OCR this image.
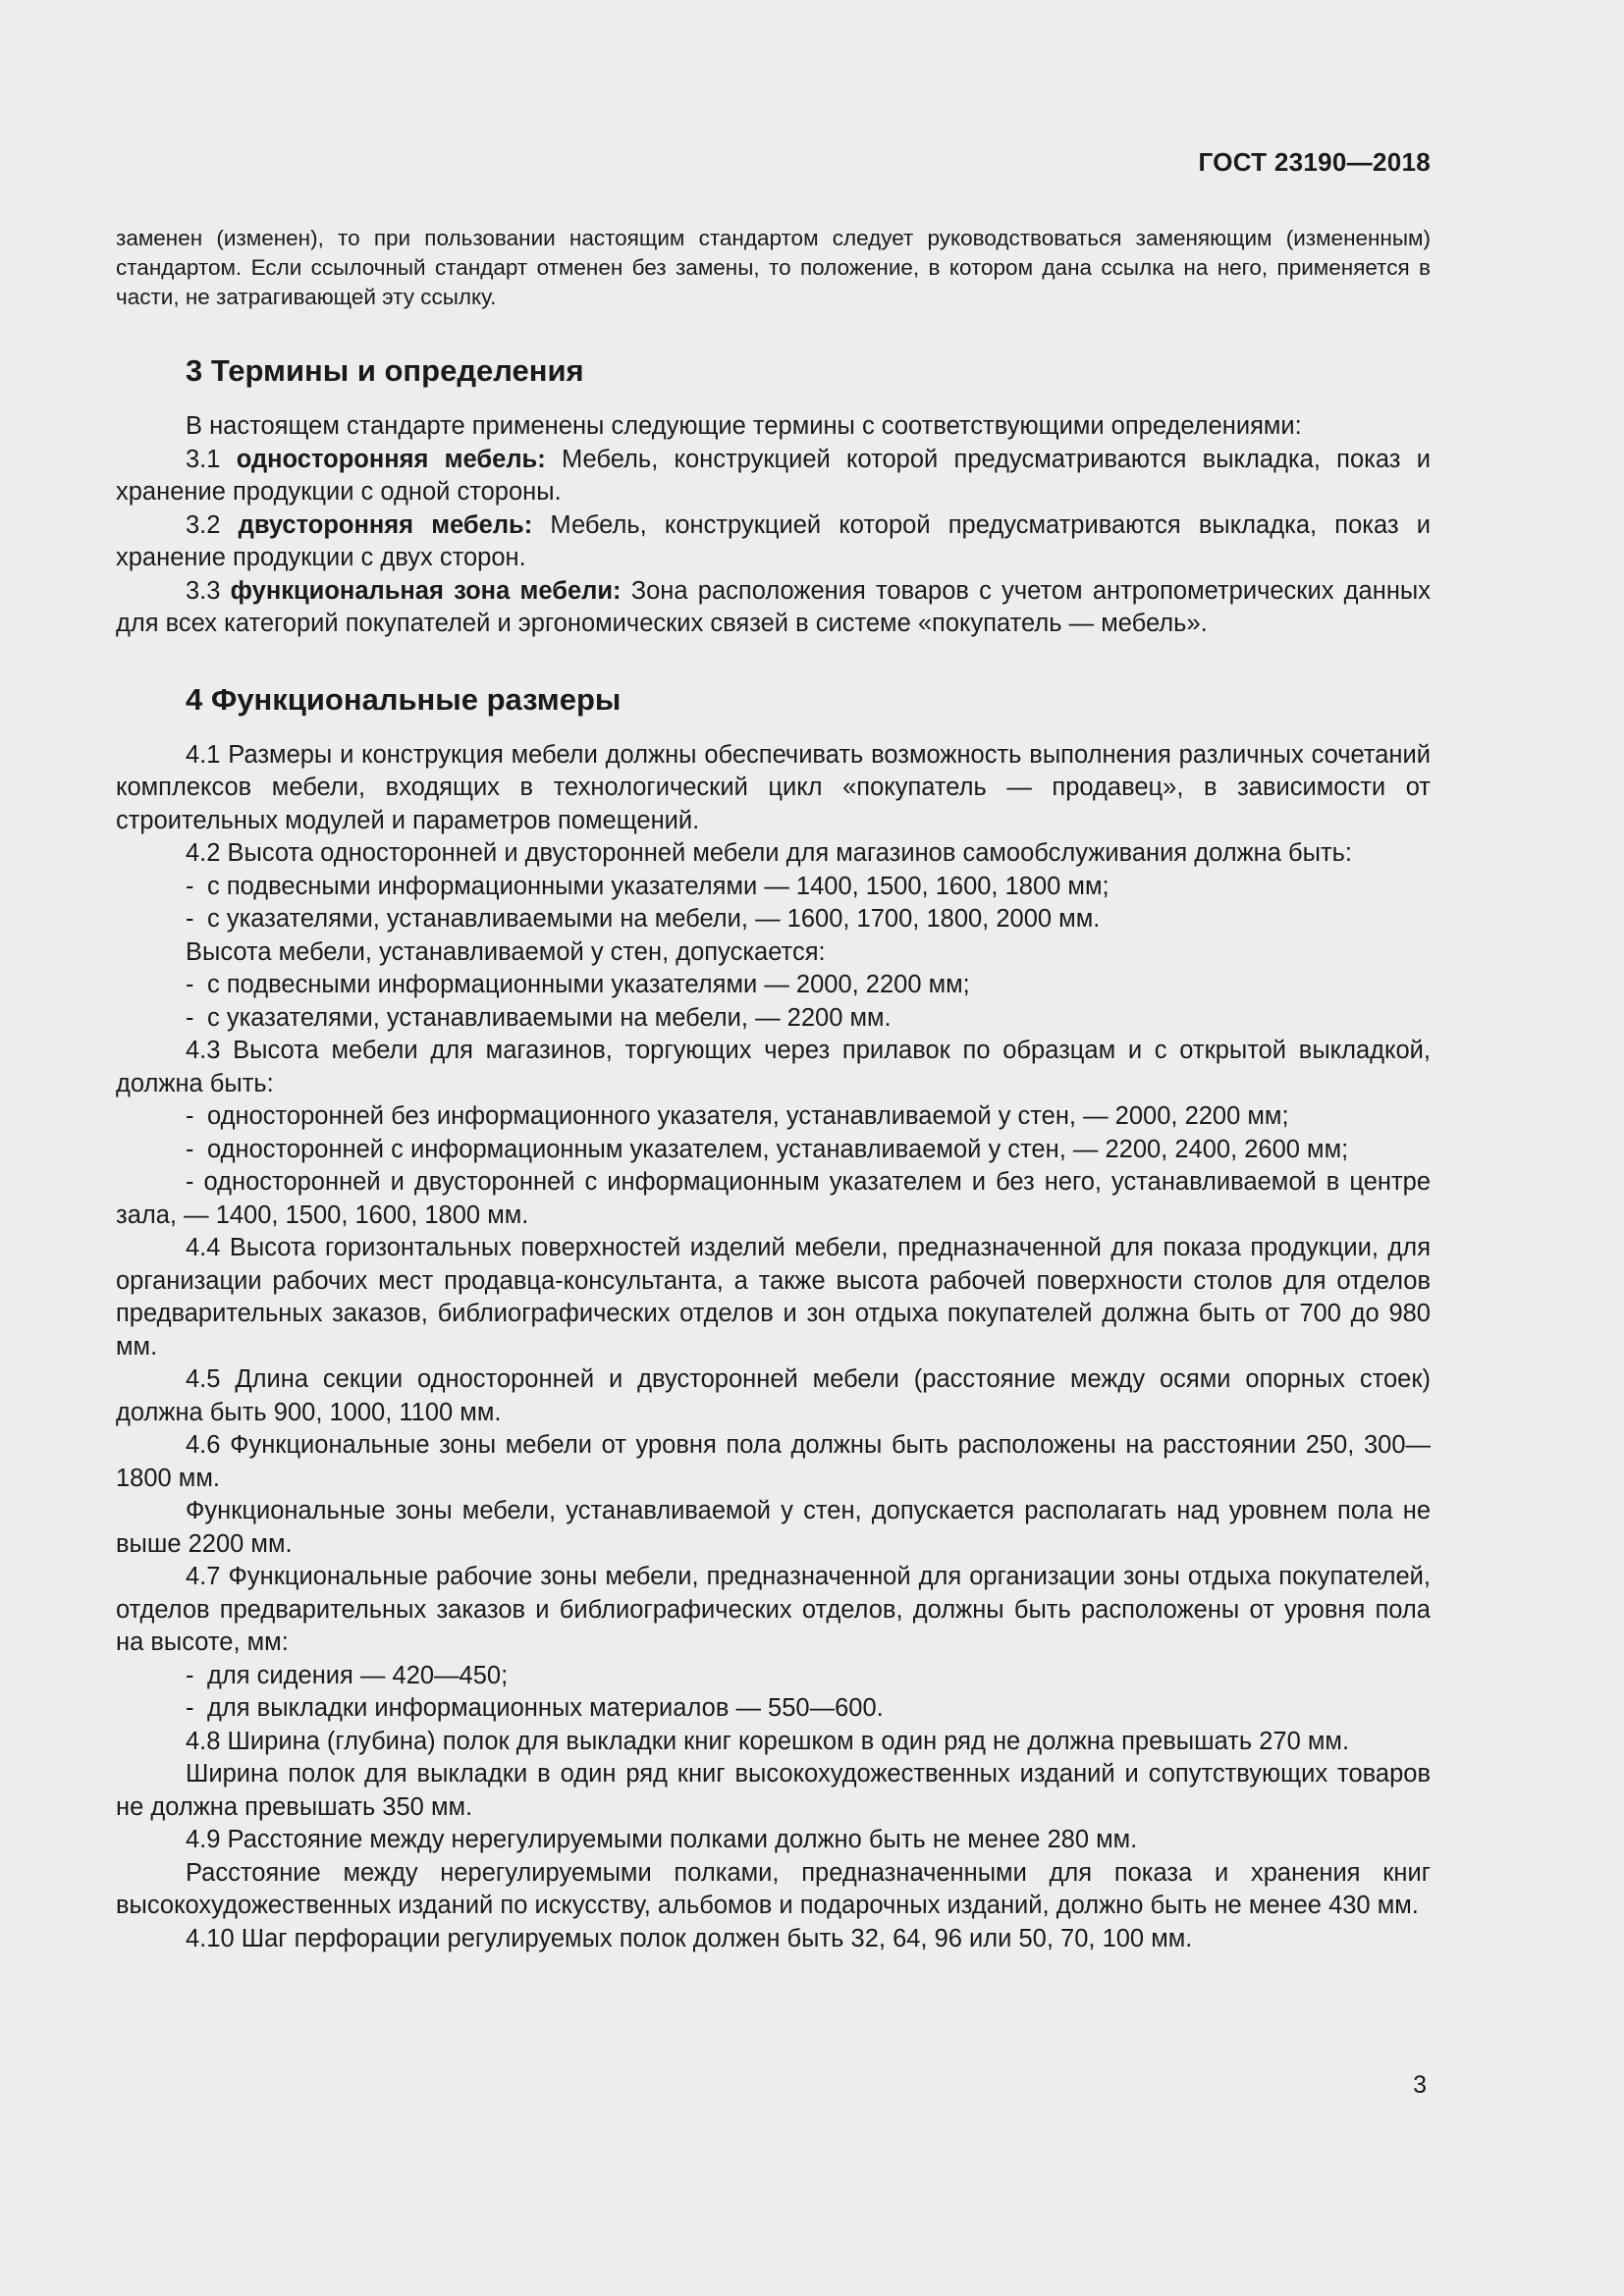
ГОСТ 23190—2018

заменен (изменен), то при пользовании настоящим стандартом следует руководствоваться заменяющим (измененным) стандартом. Если ссылочный стандарт отменен без замены, то положение, в котором дана ссылка на него, применяется в части, не затрагивающей эту ссылку.

3 Термины и определения

В настоящем стандарте применены следующие термины с соответствующими определениями:

3.1 односторонняя мебель: Мебель, конструкцией которой предусматриваются выкладка, показ и хранение продукции с одной стороны.

3.2 двусторонняя мебель: Мебель, конструкцией которой предусматриваются выкладка, показ и хранение продукции с двух сторон.

3.3 функциональная зона мебели: Зона расположения товаров с учетом антропометрических данных для всех категорий покупателей и эргономических связей в системе «покупатель — мебель».

4 Функциональные размеры

4.1 Размеры и конструкция мебели должны обеспечивать возможность выполнения различных сочетаний комплексов мебели, входящих в технологический цикл «покупатель — продавец», в зависимости от строительных модулей и параметров помещений.

4.2 Высота односторонней и двусторонней мебели для магазинов самообслуживания должна быть:

- с подвесными информационными указателями — 1400, 1500, 1600, 1800 мм;

- с указателями, устанавливаемыми на мебели, — 1600, 1700, 1800, 2000 мм.

Высота мебели, устанавливаемой у стен, допускается:

- с подвесными информационными указателями — 2000, 2200 мм;

- с указателями, устанавливаемыми на мебели, — 2200 мм.

4.3 Высота мебели для магазинов, торгующих через прилавок по образцам и с открытой выкладкой, должна быть:

- односторонней без информационного указателя, устанавливаемой у стен, — 2000, 2200 мм;

- односторонней с информационным указателем, устанавливаемой у стен, — 2200, 2400, 2600 мм;

- односторонней и двусторонней с информационным указателем и без него, устанавливаемой в центре зала, — 1400, 1500, 1600, 1800 мм.

4.4 Высота горизонтальных поверхностей изделий мебели, предназначенной для показа продукции, для организации рабочих мест продавца-консультанта, а также высота рабочей поверхности столов для отделов предварительных заказов, библиографических отделов и зон отдыха покупателей должна быть от 700 до 980 мм.

4.5 Длина секции односторонней и двусторонней мебели (расстояние между осями опорных стоек) должна быть 900, 1000, 1100 мм.

4.6 Функциональные зоны мебели от уровня пола должны быть расположены на расстоянии 250, 300—1800 мм.

Функциональные зоны мебели, устанавливаемой у стен, допускается располагать над уровнем пола не выше 2200 мм.

4.7 Функциональные рабочие зоны мебели, предназначенной для организации зоны отдыха покупателей, отделов предварительных заказов и библиографических отделов, должны быть расположены от уровня пола на высоте, мм:

- для сидения — 420—450;

- для выкладки информационных материалов — 550—600.

4.8 Ширина (глубина) полок для выкладки книг корешком в один ряд не должна превышать 270 мм.

Ширина полок для выкладки в один ряд книг высокохудожественных изданий и сопутствующих товаров не должна превышать 350 мм.

4.9 Расстояние между нерегулируемыми полками должно быть не менее 280 мм.

Расстояние между нерегулируемыми полками, предназначенными для показа и хранения книг высокохудожественных изданий по искусству, альбомов и подарочных изданий, должно быть не менее 430 мм.

4.10 Шаг перфорации регулируемых полок должен быть 32, 64, 96 или 50, 70, 100 мм.

3
